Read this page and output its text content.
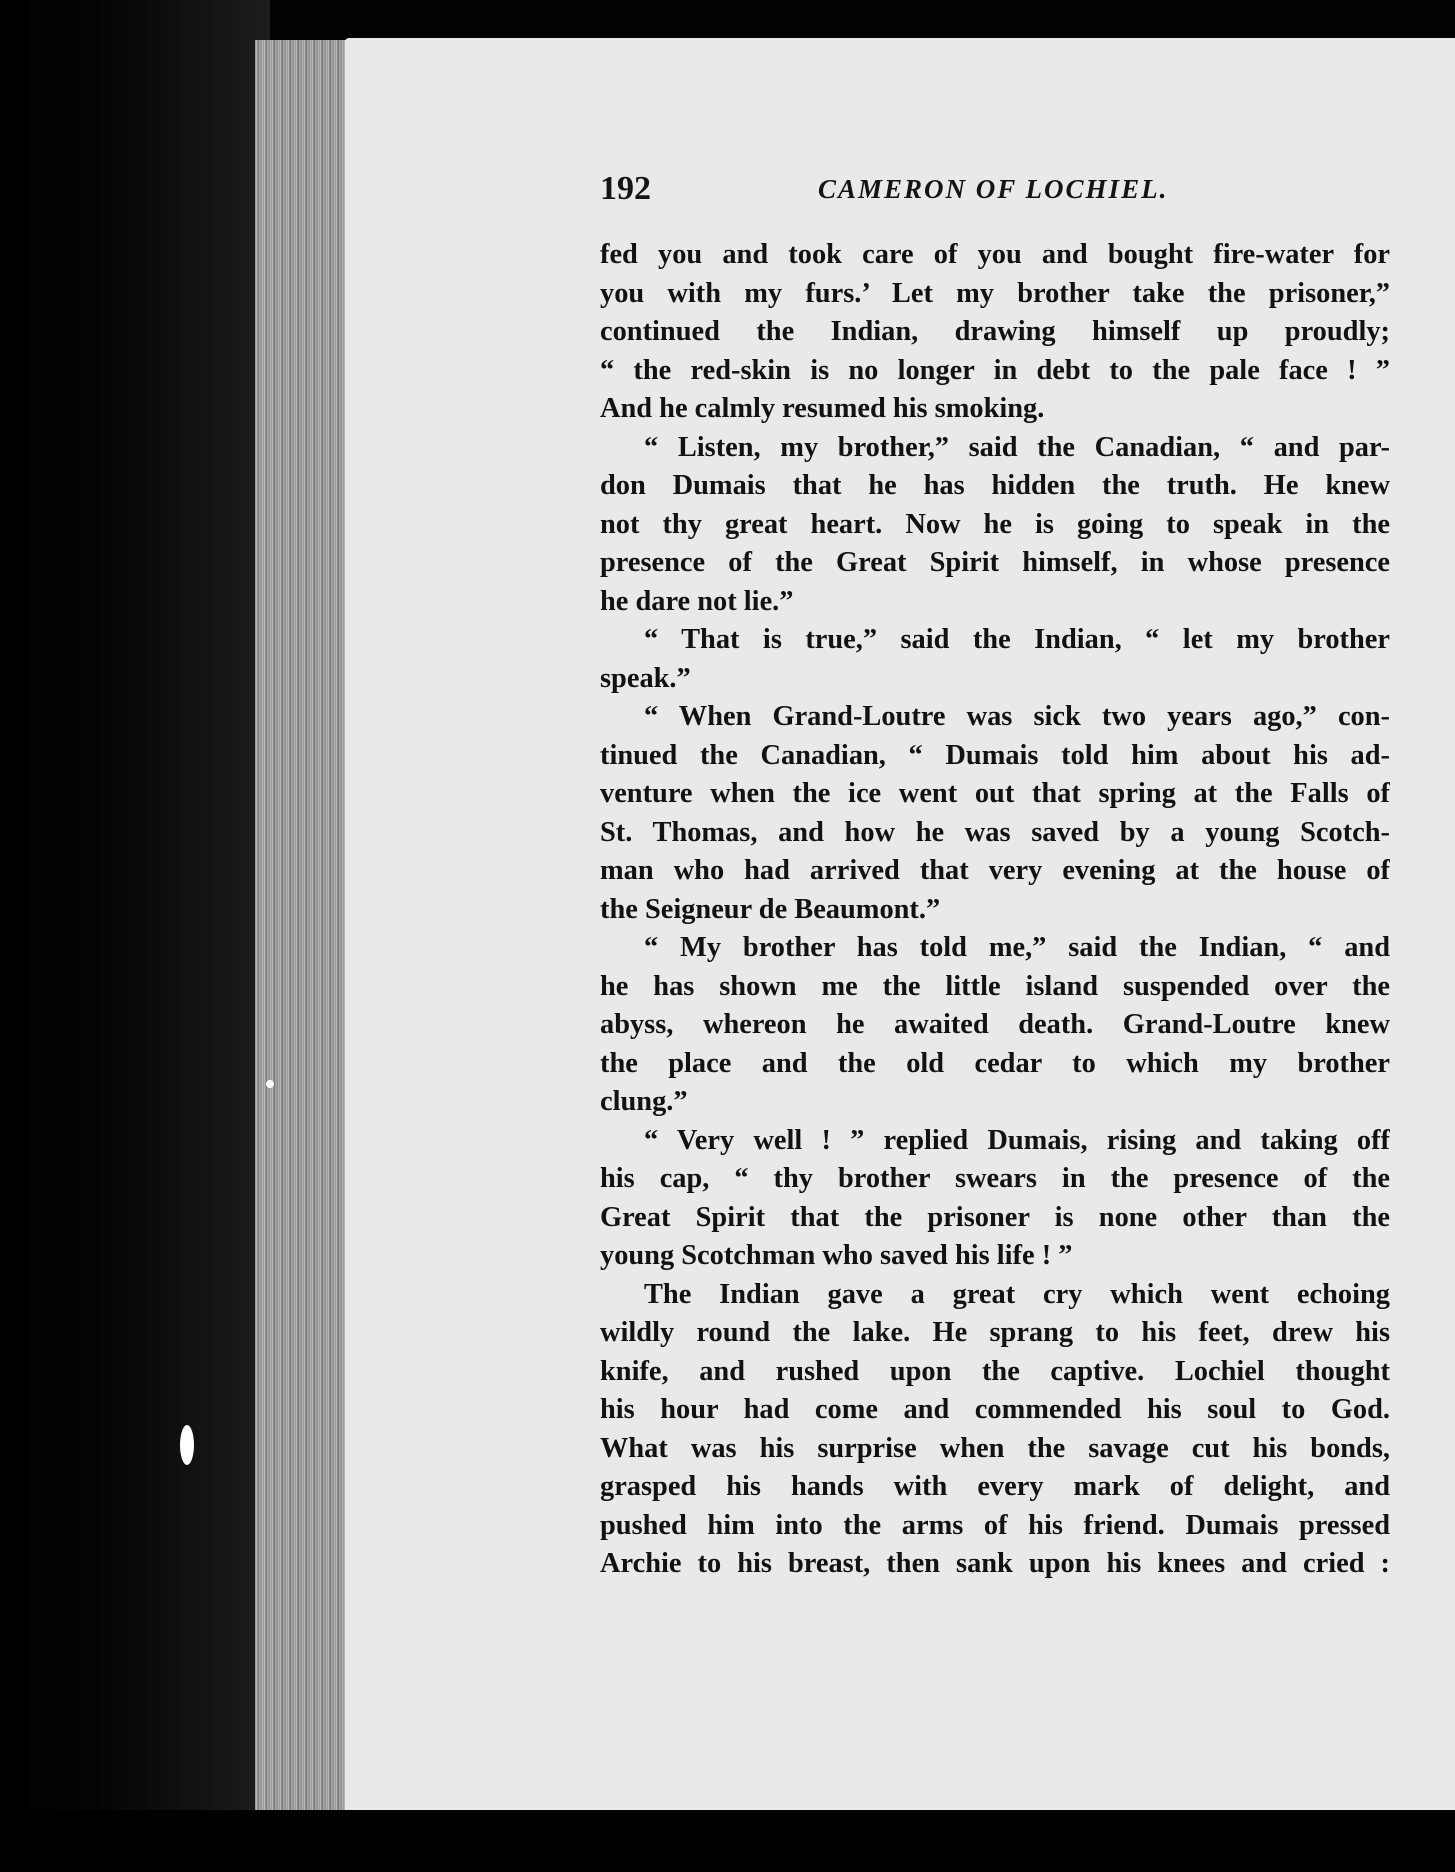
192	CAMERON OF LOCHIEL.
fed you and took care of you and bought fire-water for
you with my furs.’ Let my brother take the prisoner,”
continued the Indian, drawing himself up proudly;
“ the red-skin is no longer in debt to the pale face ! ”
And he calmly resumed his smoking.
“ Listen, my brother,” said the Canadian, “ and par-
don Dumais that he has hidden the truth. He knew
not thy great heart. Now he is going to speak in the
presence of the Great Spirit himself, in whose presence
he dare not lie.”
“ That is true,” said the Indian, “ let my brother
speak.”
“ When Grand-Loutre was sick two years ago,” con-
tinued the Canadian, “ Dumais told him about his ad-
venture when the ice went out that spring at the Falls of
St. Thomas, and how he was saved by a young Scotch-
man who had arrived that very evening at the house of
the Seigneur de Beaumont.”
“ My brother has told me,” said the Indian, “ and
he has shown me the little island suspended over the
abyss, whereon he awaited death. Grand-Loutre knew
the place and the old cedar to which my brother
clung.”
“ Very well ! ” replied Dumais, rising and taking off
his cap, “ thy brother swears in the presence of the
Great Spirit that the prisoner is none other than the
young Scotchman who saved his life ! ”
The Indian gave a great cry which went echoing
wildly round the lake. He sprang to his feet, drew his
knife, and rushed upon the captive. Lochiel thought
his hour had come and commended his soul to God.
What was his surprise when the savage cut his bonds,
grasped his hands with every mark of delight, and
pushed him into the arms of his friend. Dumais pressed
Archie to his breast, then sank upon his knees and cried :
